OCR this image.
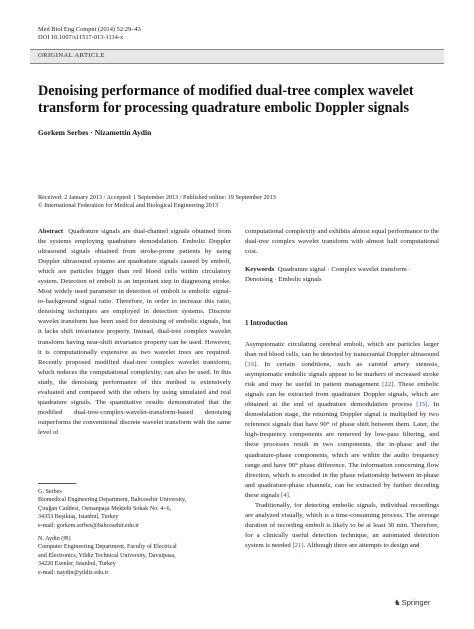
Med Biol Eng Comput (2014) 52:29–43
DOI 10.1007/s11517-013-1114-x
ORIGINAL ARTICLE
Denoising performance of modified dual-tree complex wavelet transform for processing quadrature embolic Doppler signals
Gorkem Serbes · Nizamettin Aydin
Received: 2 January 2013 / Accepted: 1 September 2013 / Published online: 19 September 2013
© International Federation for Medical and Biological Engineering 2013
Abstract Quadrature signals are dual-channel signals obtained from the systems employing quadrature demodulation. Embolic Doppler ultrasound signals obtained from stroke-prone patients by using Doppler ultrasound systems are quadrature signals caused by emboli, which are particles bigger than red blood cells within circulatory system. Detection of emboli is an important step in diagnosing stroke. Most widely used parameter in detection of emboli is embolic signal-to-background signal ratio. Therefore, in order to increase this ratio, denoising techniques are employed in detection systems. Discrete wavelet transform has been used for denoising of embolic signals, but it lacks shift invariance property. Instead, dual-tree complex wavelet transform having near-shift invariance property can be used. However, it is computationally expensive as two wavelet trees are required. Recently proposed modified dual-tree complex wavelet transform, which reduces the computational complexity, can also be used. In this study, the denoising performance of this method is extensively evaluated and compared with the others by using simulated and real quadrature signals. The quantitative results demonstrated that the modified dual-tree-complex-wavelet-transform-based denoising outperforms the conventional discrete wavelet transform with the same level of
computational complexity and exhibits almost equal performance to the dual-tree complex wavelet transform with almost half computational cost.
Keywords Quadrature signal · Complex wavelet transform · Denoising · Embolic signals
1 Introduction

Asymptomatic circulating cerebral emboli, which are particles larger than red blood cells, can be detected by transcranial Doppler ultrasound [33]. In certain conditions, such as carotid artery stenosis, asymptomatic embolic signals appear to be markers of increased stroke risk and may be useful in patient management [22]. These embolic signals can be extracted from quadrature Doppler signals, which are obtained at the end of quadrature demodulation process [15]. In demodulation stage, the returning Doppler signal is multiplied by two reference signals that have 90° of phase shift between them. Later, the high-frequency components are removed by low-pass filtering, and these processes result in two components, the in-phase and the quadrature-phase components, which are within the audio frequency range and have 90° phase difference. The information concerning flow direction, which is encoded in the phase relationship between in-phase and quadrature-phase channels, can be extracted by further decoding these signals [4].

Traditionally, for detecting embolic signals, individual recordings are analyzed visually, which is a time-consuming process. The average duration of recording emboli is likely to be at least 30 min. Therefore, for a clinically useful detection technique, an automated detection system is needed [21]. Although there are attempts to design and

G. Serbes
Biomedical Engineering Department, Bahcesehir University,
Çırağan Caddesi, Osmanpaşa Mektebi Sokak No: 4–6,
34353 Beşiktaş, Istanbul, Turkey
e-mail: gorkem.serbes@bahcesehir.edu.tr
N. Aydin (✉)
Computer Engineering Department, Faculty of Electrical
and Electronics, Yildiz Technical University, Davutpasa,
34220 Esenler, Istanbul, Turkey
e-mail: naydin@yildiz.edu.tr
♞Springer
